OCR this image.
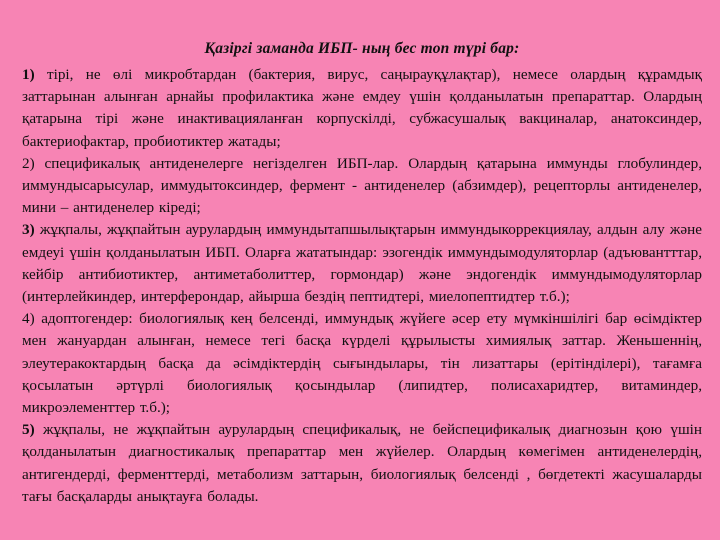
Қазіргі заманда ИБП- ның бес топ түрі бар:

1) тірі, не өлі микробтардан (бактерия, вирус, саңырауқұлақтар), немесе олардың құрамдық заттарынан алынған арнайы профилактика және емдеу үшін қолданылатын препараттар. Олардың қатарына тірі және инактивацияланған корпускілді, субжасушалық вакциналар, анатоксиндер, бактериофактар, пробиотиктер жатады;

2) спецификалық антиденелерге негізделген ИБП-лар. Олардың қатарына иммунды глобулиндер, иммундысарысулар, иммудытоксиндер, фермент - антиденелер (абзимдер), рецепторлы антиденелер, мини – антиденелер кіреді;

3) жұқпалы, жұқпайтын аурулардың иммундытапшылықтарын иммундыкоррекциялау, алдын алу және емдеуі үшін қолданылатын ИБП. Оларға жататындар: эзогендік иммундымодуляторлар (адъювантттар, кейбір антибиотиктер, антиметаболиттер, гормондар) және эндогендік иммундымодуляторлар (интерлейкиндер, интерферондар, айырша бездің пептидтері, миелопептидтер т.б.);

4) адоптогендер: биологиялық кең белсенді, иммундық жүйеге әсер ету мүмкіншілігі бар өсімдіктер мен жануардан алынған, немесе тегі басқа күрделі құрылысты химиялық заттар. Женьшеннің, элеутеракоктардың басқа да әсімдіктердің сығындылары, тін лизаттары (ерітінділері), тағамға қосылатын әртүрлі биологиялық қосындылар (липидтер, полисахаридтер, витаминдер, микроэлементтер т.б.);

5) жұқпалы, не жұқпайтын аурулардың спецификалық, не бейспецификалық диагнозын қою үшін қолданылатын диагностикалық препараттар мен жүйелер. Олардың көмегімен антиденелердің, антигендерді, ферменттерді, метаболизм заттарын, биологиялық белсенді , бөгдетекті жасушаларды тағы басқаларды анықтауға болады.
